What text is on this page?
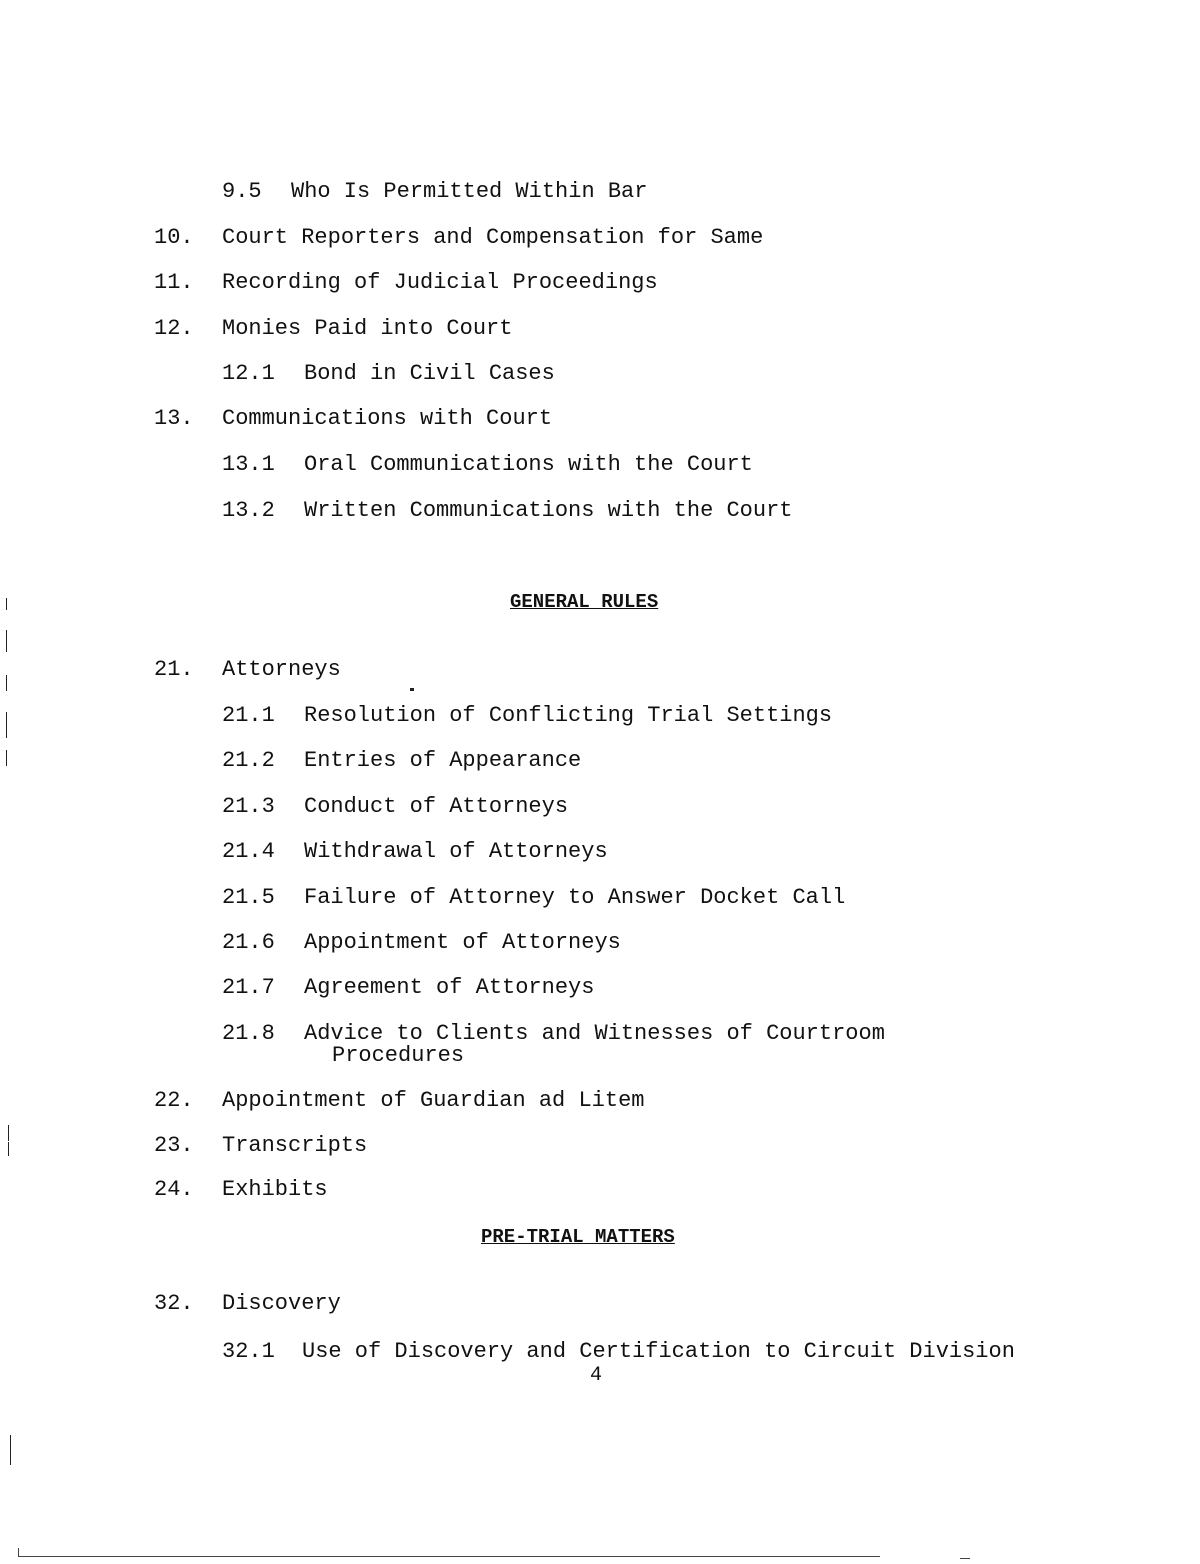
9.5 Who Is Permitted Within Bar
10. Court Reporters and Compensation for Same
11. Recording of Judicial Proceedings
12. Monies Paid into Court
12.1 Bond in Civil Cases
13. Communications with Court
13.1 Oral Communications with the Court
13.2 Written Communications with the Court
GENERAL RULES
21. Attorneys
21.1 Resolution of Conflicting Trial Settings
21.2 Entries of Appearance
21.3 Conduct of Attorneys
21.4 Withdrawal of Attorneys
21.5 Failure of Attorney to Answer Docket Call
21.6 Appointment of Attorneys
21.7 Agreement of Attorneys
21.8 Advice to Clients and Witnesses of Courtroom
Procedures
22. Appointment of Guardian ad Litem
23. Transcripts
24. Exhibits
PRE-TRIAL MATTERS
32. Discovery
32.1 Use of Discovery and Certification to Circuit Division
4
